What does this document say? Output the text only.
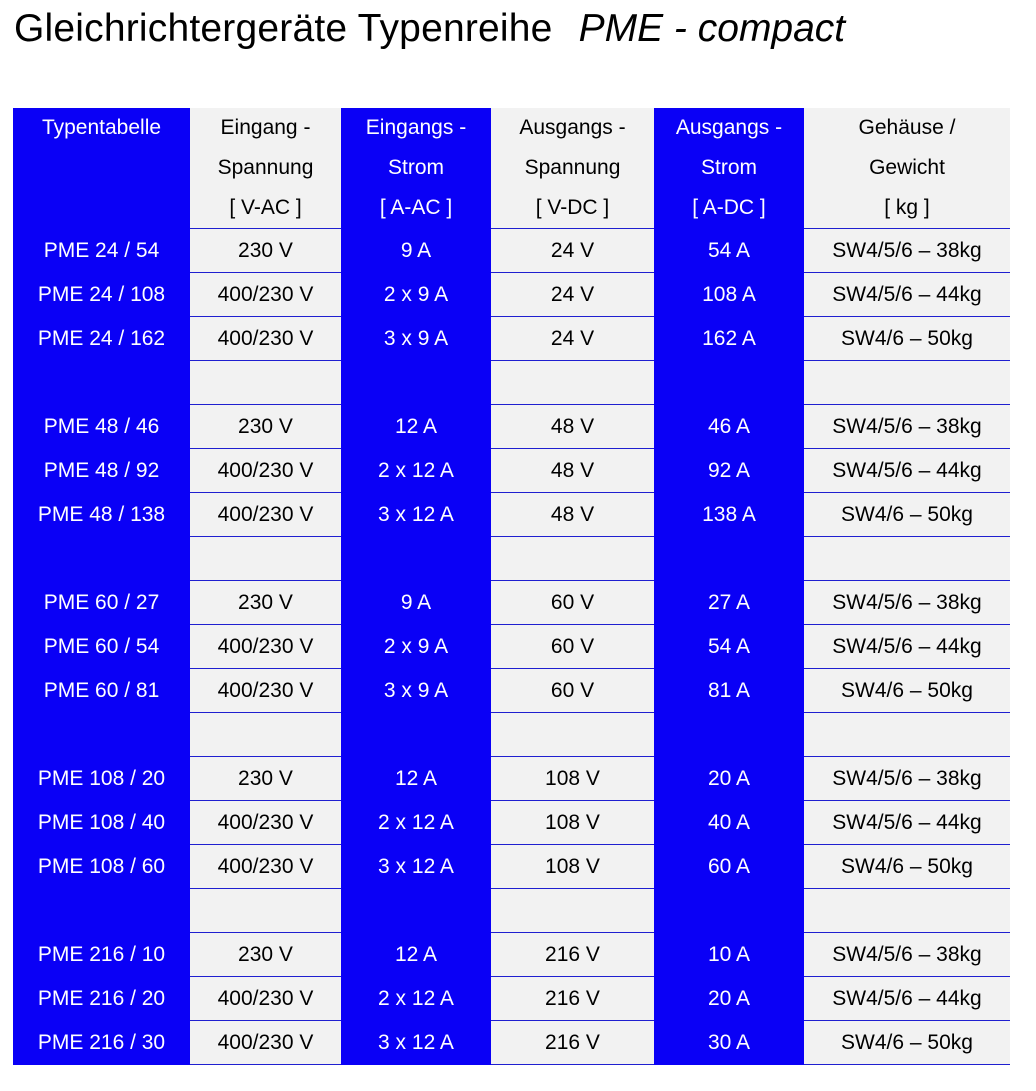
Gleichrichtergeräte Typenreihe PME - compact
Typentabelle	Eingang -	Eingangs -	Ausgangs -	Ausgangs -	Gehäuse /
	Spannung	Strom	Spannung	Strom	Gewicht
	[ V-AC ]	[ A-AC ]	[ V-DC ]	[ A-DC ]	[ kg ]
PME 24 / 54	230 V	9 A	24 V	54 A	SW4/5/6 – 38kg
PME 24 / 108	400/230 V	2 x 9 A	24 V	108 A	SW4/5/6 – 44kg
PME 24 / 162	400/230 V	3 x 9 A	24 V	162 A	SW4/6 – 50kg

PME 48 / 46	230 V	12 A	48 V	46 A	SW4/5/6 – 38kg
PME 48 / 92	400/230 V	2 x 12 A	48 V	92 A	SW4/5/6 – 44kg
PME 48 / 138	400/230 V	3 x 12 A	48 V	138 A	SW4/6 – 50kg

PME 60 / 27	230 V	9 A	60 V	27 A	SW4/5/6 – 38kg
PME 60 / 54	400/230 V	2 x 9 A	60 V	54 A	SW4/5/6 – 44kg
PME 60 / 81	400/230 V	3 x 9 A	60 V	81 A	SW4/6 – 50kg

PME 108 / 20	230 V	12 A	108 V	20 A	SW4/5/6 – 38kg
PME 108 / 40	400/230 V	2 x 12 A	108 V	40 A	SW4/5/6 – 44kg
PME 108 / 60	400/230 V	3 x 12 A	108 V	60 A	SW4/6 – 50kg

PME 216 / 10	230 V	12 A	216 V	10 A	SW4/5/6 – 38kg
PME 216 / 20	400/230 V	2 x 12 A	216 V	20 A	SW4/5/6 – 44kg
PME 216 / 30	400/230 V	3 x 12 A	216 V	30 A	SW4/6 – 50kg
